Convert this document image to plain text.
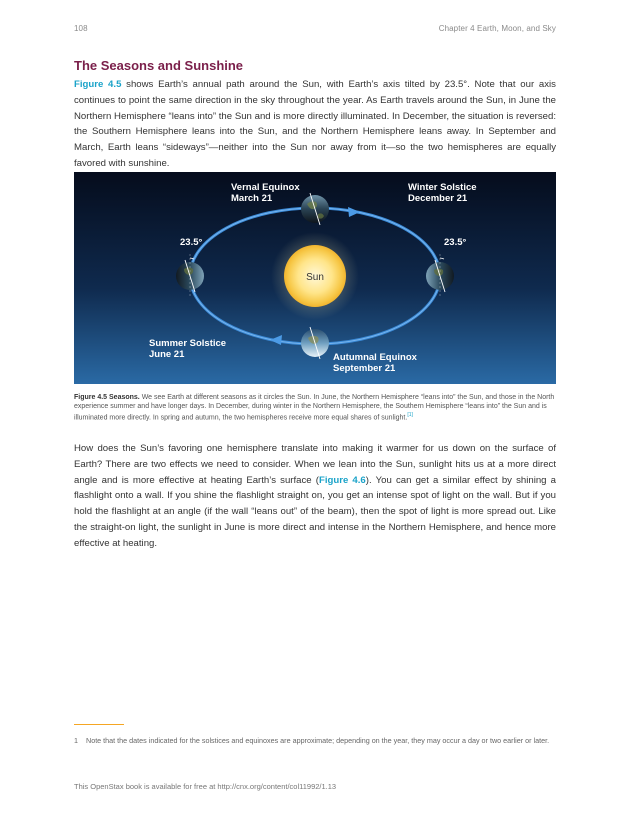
108	Chapter 4 Earth, Moon, and Sky
The Seasons and Sunshine
Figure 4.5 shows Earth’s annual path around the Sun, with Earth’s axis tilted by 23.5°. Note that our axis continues to point the same direction in the sky throughout the year. As Earth travels around the Sun, in June the Northern Hemisphere “leans into” the Sun and is more directly illuminated. In December, the situation is reversed: the Southern Hemisphere leans into the Sun, and the Northern Hemisphere leans away. In September and March, Earth leans “sideways”—neither into the Sun nor away from it—so the two hemispheres are equally favored with sunshine.
Sun
Vernal Equinox
March 21
Winter Solstice
December 21
Summer Solstice
June 21	Autumnal Equinox
September 21
23.5°	23.5°
Figure 4.5 Seasons. We see Earth at different seasons as it circles the Sun. In June, the Northern Hemisphere “leans into” the Sun, and those in the North experience summer and have longer days. In December, during winter in the Northern Hemisphere, the Southern Hemisphere “leans into” the Sun and is illuminated more directly. In spring and autumn, the two hemispheres receive more equal shares of sunlight.[1]
How does the Sun’s favoring one hemisphere translate into making it warmer for us down on the surface of Earth? There are two effects we need to consider. When we lean into the Sun, sunlight hits us at a more direct angle and is more effective at heating Earth’s surface (Figure 4.6). You can get a similar effect by shining a flashlight onto a wall. If you shine the flashlight straight on, you get an intense spot of light on the wall. But if you hold the flashlight at an angle (if the wall “leans out” of the beam), then the spot of light is more spread out. Like the straight-on light, the sunlight in June is more direct and intense in the Northern Hemisphere, and hence more effective at heating.
1 Note that the dates indicated for the solstices and equinoxes are approximate; depending on the year, they may occur a day or two earlier or later.
This OpenStax book is available for free at http://cnx.org/content/col11992/1.13
